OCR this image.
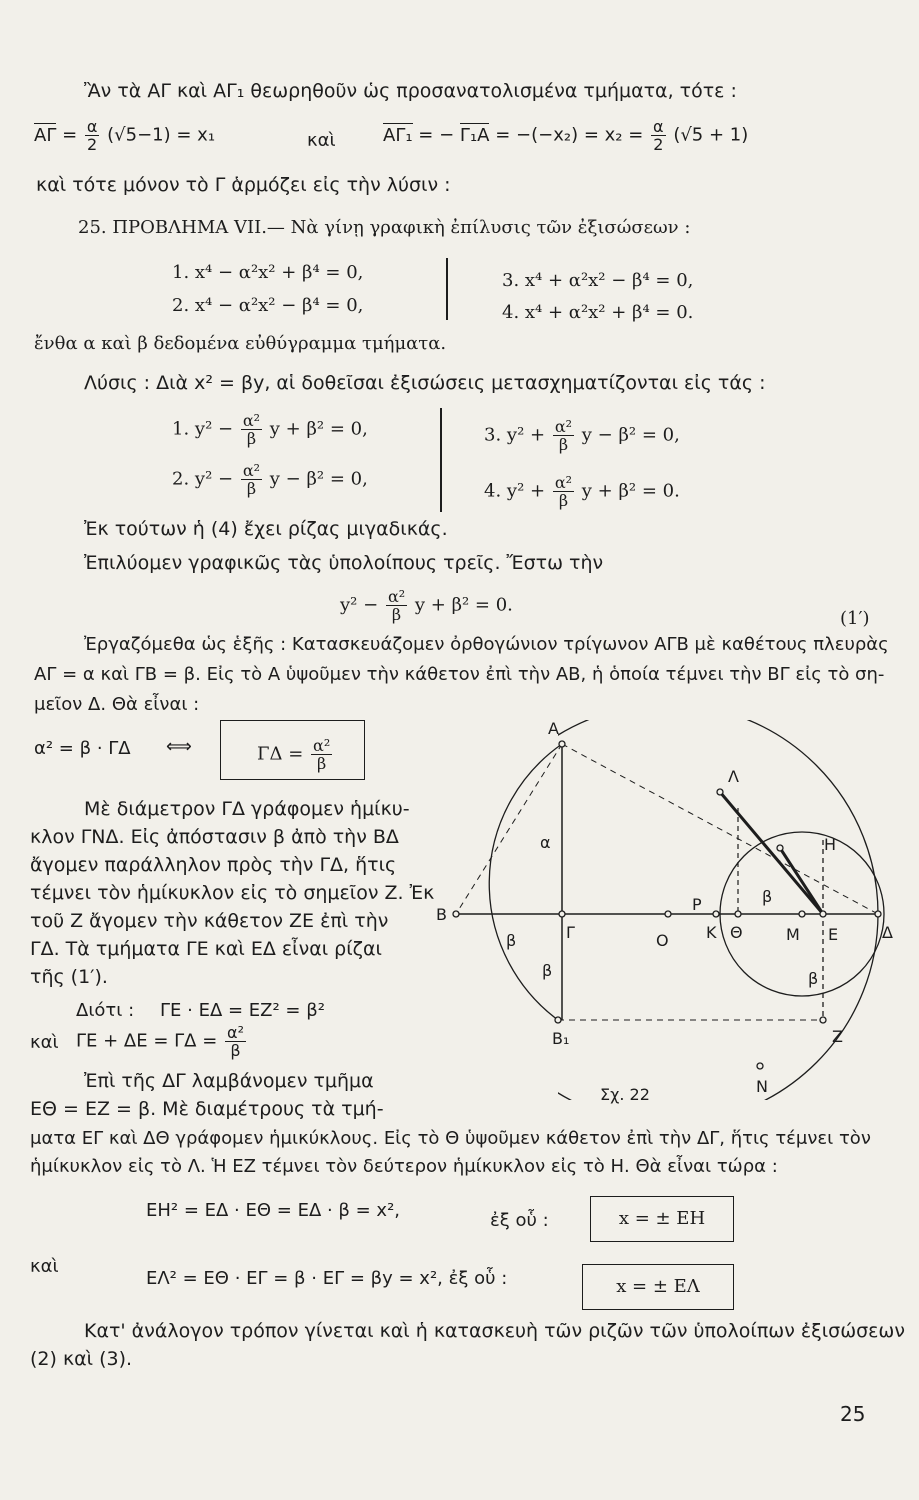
Ἂν τὰ ΑΓ καὶ ΑΓ₁ θεωρηθοῦν ὡς προσανατολισμένα τμήματα, τότε :
$A\Gamma = \frac{\alpha}{2} (√5-1) = x_1$	καὶ	ΑΓ₁ = − $\Gamma_1A = -(-x_2) = x_2 = \frac{\alpha}{2} (√5 + 1)$
καὶ τότε μόνον τὸ Γ ἁρμόζει εἰς τὴν λύσιν :
25. ΠΡΟΒΛΗΜΑ VII.— Νὰ γίνῃ γραφικὴ ἐπίλυσις τῶν ἐξισώσεων :
1. x⁴ − α²x² + β⁴ = 0,
2. x⁴ − α²x² − β⁴ = 0,
3. x⁴ + α²x² − β⁴ = 0,
4. x⁴ + α²x² + β⁴ = 0.
ἔνθα α καὶ β δεδομένα εὐθύγραμμα τμήματα.
Λύσις : Διὰ x² = βy, αἱ δοθεῖσαι ἐξισώσεις μετασχηματίζονται εἰς τάς :
1. $y^2 - \frac{\text{α²}}{\beta}$ y + β² = 0,
2. $y^2 - \frac{\text{α²}}{\beta}$ y − β² = 0,
3. $y^2 + \frac{\text{α²}}{\beta}$ y − β² = 0,
4. $y^2 + \frac{\text{α²}}{\beta}$ y + β² = 0.
Ἐκ τούτων ἡ (4) ἔχει ρίζας μιγαδικάς.
Ἐπιλύομεν γραφικῶς τὰς ὑπολοίπους τρεῖς. Ἔστω τὴν
$y^2 - \frac{\text{α²}}{\beta}$ y + β² = 0.
(1′)
Ἐργαζόμεθα ὡς ἑξῆς : Κατασκευάζομεν ὀρθογώνιον τρίγωνον ΑΓΒ μὲ καθέτους πλευρὰς
ΑΓ = α καὶ ΓΒ = β. Εἰς τὸ Α ὑψοῦμεν τὴν κάθετον ἐπὶ τὴν ΑΒ, ἡ ὁποία τέμνει τὴν ΒΓ εἰς τὸ ση-
μεῖον Δ. Θὰ εἶναι :
α² = β · ΓΔ ⟺	$\Gamma\Delta = \frac{\text{α²}}{\beta}$
Μὲ διάμετρον ΓΔ γράφομεν ἡμίκυ-
κλον ΓΝΔ. Εἰς ἀπόστασιν β ἀπὸ τὴν ΒΔ
ἄγομεν παράλληλον πρὸς τὴν ΓΔ, ἥτις
τέμνει τὸν ἡμίκυκλον εἰς τὸ σημεῖον Ζ. Ἐκ
τοῦ Ζ ἄγομεν τὴν κάθετον ΖΕ ἐπὶ τὴν
ΓΔ. Τὰ τμήματα ΓΕ καὶ ΕΔ εἶναι ρίζαι
τῆς (1′).
Διότι : ΓΕ · ΕΔ = ΕΖ² = β²
καὶ $\Gamma E + \Delta E = \Gamma\Delta = \frac{\text{α²}}{\beta}$
Ἐπὶ τῆς ΔΓ λαμβάνομεν τμῆμα
ΕΘ = ΕΖ = β. Μὲ διαμέτρους τὰ τμή-
ματα ΕΓ καὶ ΔΘ γράφομεν ἡμικύκλους. Εἰς τὸ Θ ὑψοῦμεν κάθετον ἐπὶ τὴν ΔΓ, ἥτις τέμνει τὸν
ἡμίκυκλον εἰς τὸ Λ. Ἡ ΕΖ τέμνει τὸν δεύτερον ἡμίκυκλον εἰς τὸ Η. Θὰ εἶναι τώρα :
ΕΗ² = ΕΔ · ΕΘ = ΕΔ · β = x²,	ἐξ οὗ :	x = ± ΕΗ
καὶ
ΕΛ² = ΕΘ · ΕΓ = β · ΕΓ = βy = x², ἐξ οὗ :	x = ± ΕΛ
Κατ' ἀνάλογον τρόπον γίνεται καὶ ἡ κατασκευὴ τῶν ριζῶν τῶν ὑπολοίπων ἐξισώσεων
(2) καὶ (3).
25
Α
Λ
Η
α
β
Β
β	Γ	Ο
Ρ
Κ Θ	Μ Ε	Δ
β	β
Β₁	Ζ
Ν
Σχ. 22
